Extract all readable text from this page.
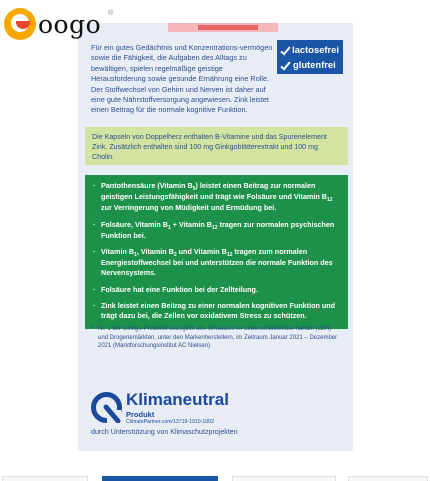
oogo ®

Für ein gutes Gedächtnis und Konzentrations-vermögen sowie die Fähigkeit, die Aufgaben des Alltags zu bewältigen, spielen regelmäßige geistige Herausforderung sowie gesunde Ernährung eine Rolle. Der Stoffwechsel von Gehirn und Nerven ist daher auf eine gute Nährstoffversorgung angewiesen. Zink leistet einen Beitrag für die normale kognitive Funktion.

lactosefrei
glutenfrei
Die Kapseln von Doppelherz enthalten B-Vitamine und das Spurenelement Zink. Zusätzlich enthalten sind 100 mg Ginkgoblätterextrakt und 100 mg Cholin.
· Pantothensäure (Vitamin $B_5$) leistet einen Beitrag zur normalen geistigen Leistungsfähigkeit und trägt wie Folsäure und Vitamin $B_{12}$ zur Verringerung von Müdigkeit und Ermüdung bei.
· Folsäure, Vitamin $B_1$ + Vitamin $B_{12}$ tragen zur normalen psychischen Funktion bei.
· Vitamin $B_1$, Vitamin $B_2$ und Vitamin $B_{12}$ tragen zum normalen Energiestoffwechsel bei und unterstützen die normale Funktion des Nervensystems.
· Folsäure hat eine Funktion bei der Zellteilung.
· Zink leistet einen Beitrag zu einer normalen kognitiven Funktion und trägt dazu bei, die Zellen vor oxidativem Stress zu schützen.
* Nr. 1 der Ginkgo-Produkte bezüglich des Umsatzes im Lebensmitteleinzel-handel (LEH) und Drogeriemärkten, unter den Markenherstellern, im Zeitraum Januar 2021 – Dezember 2021 (Marktforschungsinstitut AC Nielsen).
Klimaneutral
Produkt
ClimatePartner.com/13719-1910-1002
durch Unterstützung von Klimaschutzprojekten
